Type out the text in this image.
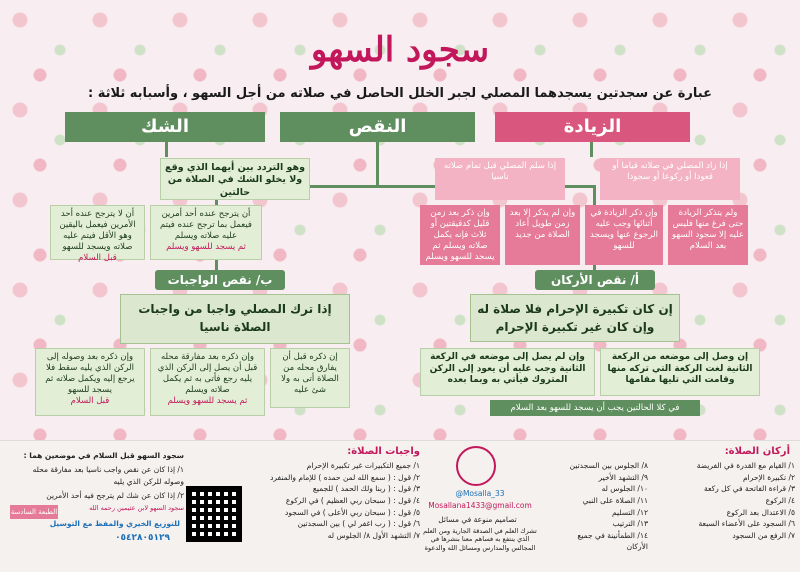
سجود السهو
عبارة عن سجدتين يسجدهما المصلي لجبر الخلل الحاصل في صلاته من أجل السهو ، وأسبابه ثلاثة :
الزيادة
النقص
الشك
إذا زاد المصلي في صلاته قياما أو قعودا أو ركوعا أو سجودا
إذا سلم المصلي قبل تمام صلاته ناسيا
ولم يتذكر الزيادة حتى فرغ منها فليس عليه إلا سجود السهو
بعد السلام
وإن ذكر الزيادة في أثنائها وجب عليه الرجوع عنها ويسجد للسهو
وإن لم يذكر إلا بعد زمن طويل أعاد الصلاة من جديد
وإن ذكر بعد زمن قليل كدقيقتين أو ثلاث فإنه يكمل صلاته ويسلم ثم يسجد للسهو ويسلم
وهو التردد بين أيهما الذي وقع ولا يخلو الشك في الصلاة من حالتين
أن يترجح عنده أحد أمرين فيعمل بما ترجح عنده فيتم عليه صلاته ويسلم
ثم يسجد للسهو ويسلم
أن لا يترجح عنده أحد الأمرين فيعمل باليقين وهو الأقل فيتم عليه صلاته ويسجد للسهو
قبل السلام
ب/ نقص الواجبات
إذا ترك المصلي واجبا من واجبات الصلاة ناسيا
إن ذكره قبل أن يفارق محله من الصلاة أتى به ولا شئ عليه
وإن ذكره بعد مفارقة محله قبل أن يصل إلى الركن الذي يليه رجع فأتى به ثم يكمل صلاته ويسلم
ثم يسجد للسهو ويسلم
وإن ذكره بعد وصوله إلى الركن الذي يليه سقط فلا يرجع إليه ويكمل صلاته ثم يسجد للسهو
قبل السلام
أ/ نقص الأركان
إن كان تكبيرة الإحرام فلا صلاة له وإن كان غير تكبيرة الإحرام
إن وصل إلى موضعه من الركعة الثانية لغت الركعة التي تركه منها وقامت التي تليها مقامها
وإن لم يصل إلى موضعه في الركعة الثانية وجب عليه أن يعود إلى الركن المتروك فيأتي به وبما بعده
في كلا الحالتين يجب أن يسجد للسهو بعد السلام
أركان الصلاة:
١/ القيام مع القدرة في الفريضة
٢/ تكبيرة الإحرام
٣/ قراءة الفاتحة في كل ركعة
٤/ الركوع
٥/ الاعتدال بعد الركوع
٦/ السجود على الأعضاء السبعة
٧/ الرفع من السجود
٨/ الجلوس بين السجدتين
٩/ التشهد الأخير
١٠/ الجلوس له
١١/ الصلاة على النبي
١٢/ التسليم
١٣/ الترتيب
١٤/ الطمأنينة في جميع الأركان
تصاميم منوعة في مسائل
@Mosalla_33
Mosallana1433@gmail.com
تشرك العلم في الصدقة الجارية ومن العلم الذي ينتفع به فساهم معنا بنشرها في المجالس والمدارس ومسائل الله والدعوة
واجبات الصلاة:
١/ جميع التكبيرات غير تكبيرة الإحرام
٢/ قول : ( سمع الله لمن حمده ) للإمام والمنفرد
٣/ قول : ( ربنا ولك الحمد ) للجميع
٤/ قول : ( سبحان ربي العظيم ) في الركوع
٥/ قول : ( سبحان ربي الأعلى ) في السجود
٦/ قول : ( رب اغفر لي ) بين السجدتين
٧/ التشهد الأول ٨/ الجلوس له
سجود السهو قبل السلام في موضعين هما :
١/ إذا كان عن نقص واجب ناسيا بعد مفارقة محله وصوله للركن الذي يليه
٢/ إذا كان عن شك لم يترجح فيه أحد الأمرين
سجود السهو لابن عثيمين رحمه الله
للتوزيع الخيري والمفظ مع التوسيل
٠٥٤٢٨٠٥١٢٩
الطبعة السادسة
